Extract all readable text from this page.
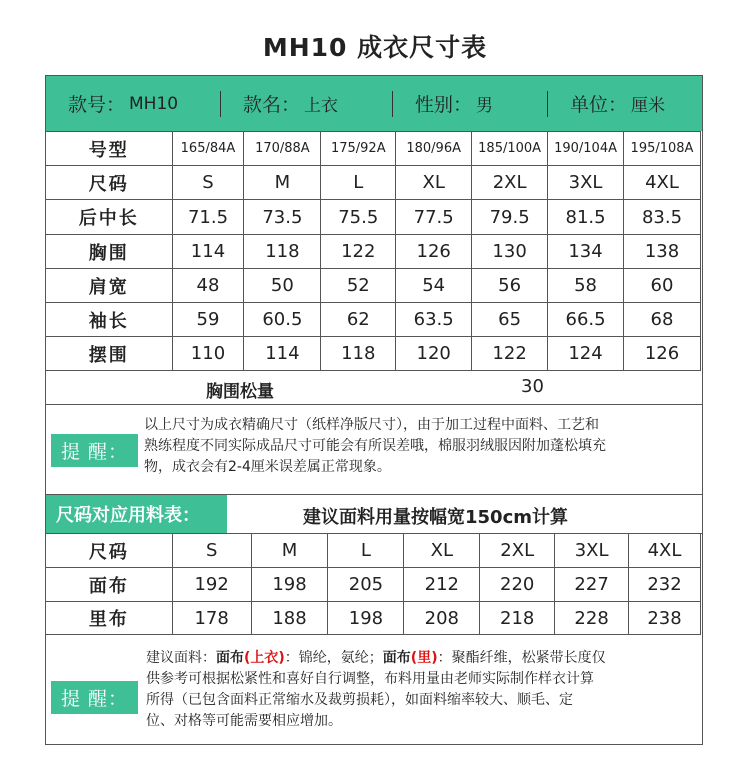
MH10 成衣尺寸表
款号： MH10	款名： 上衣	性别： 男	单位： 厘米
号型	165/84A	170/88A	175/92A	180/96A	185/100A	190/104A	195/108A
尺码	S	M	L	XL	2XL	3XL	4XL
后中长	71.5	73.5	75.5	77.5	79.5	81.5	83.5
胸围	114	118	122	126	130	134	138
肩宽	48	50	52	54	56	58	60
袖长	59	60.5	62	63.5	65	66.5	68
摆围	110	114	118	120	122	124	126
胸围松量	30
提 醒：
以上尺寸为成衣精确尺寸（纸样净版尺寸），由于加工过程中面料、工艺和
熟练程度不同实际成品尺寸可能会有所误差哦，棉服羽绒服因附加蓬松填充
物，成衣会有2-4厘米误差属正常现象。
尺码对应用料表：	建议面料用量按幅宽150cm计算
尺码	S	M	L	XL	2XL	3XL	4XL
面布	192	198	205	212	220	227	232
里布	178	188	198	208	218	228	238
提 醒：
建议面料：面布(上衣)：锦纶，氨纶；面布(里)：聚酯纤维，松紧带长度仅
供参考可根据松紧性和喜好自行调整，布料用量由老师实际制作样衣计算
所得（已包含面料正常缩水及裁剪损耗），如面料缩率较大、顺毛、定
位、对格等可能需要相应增加。
